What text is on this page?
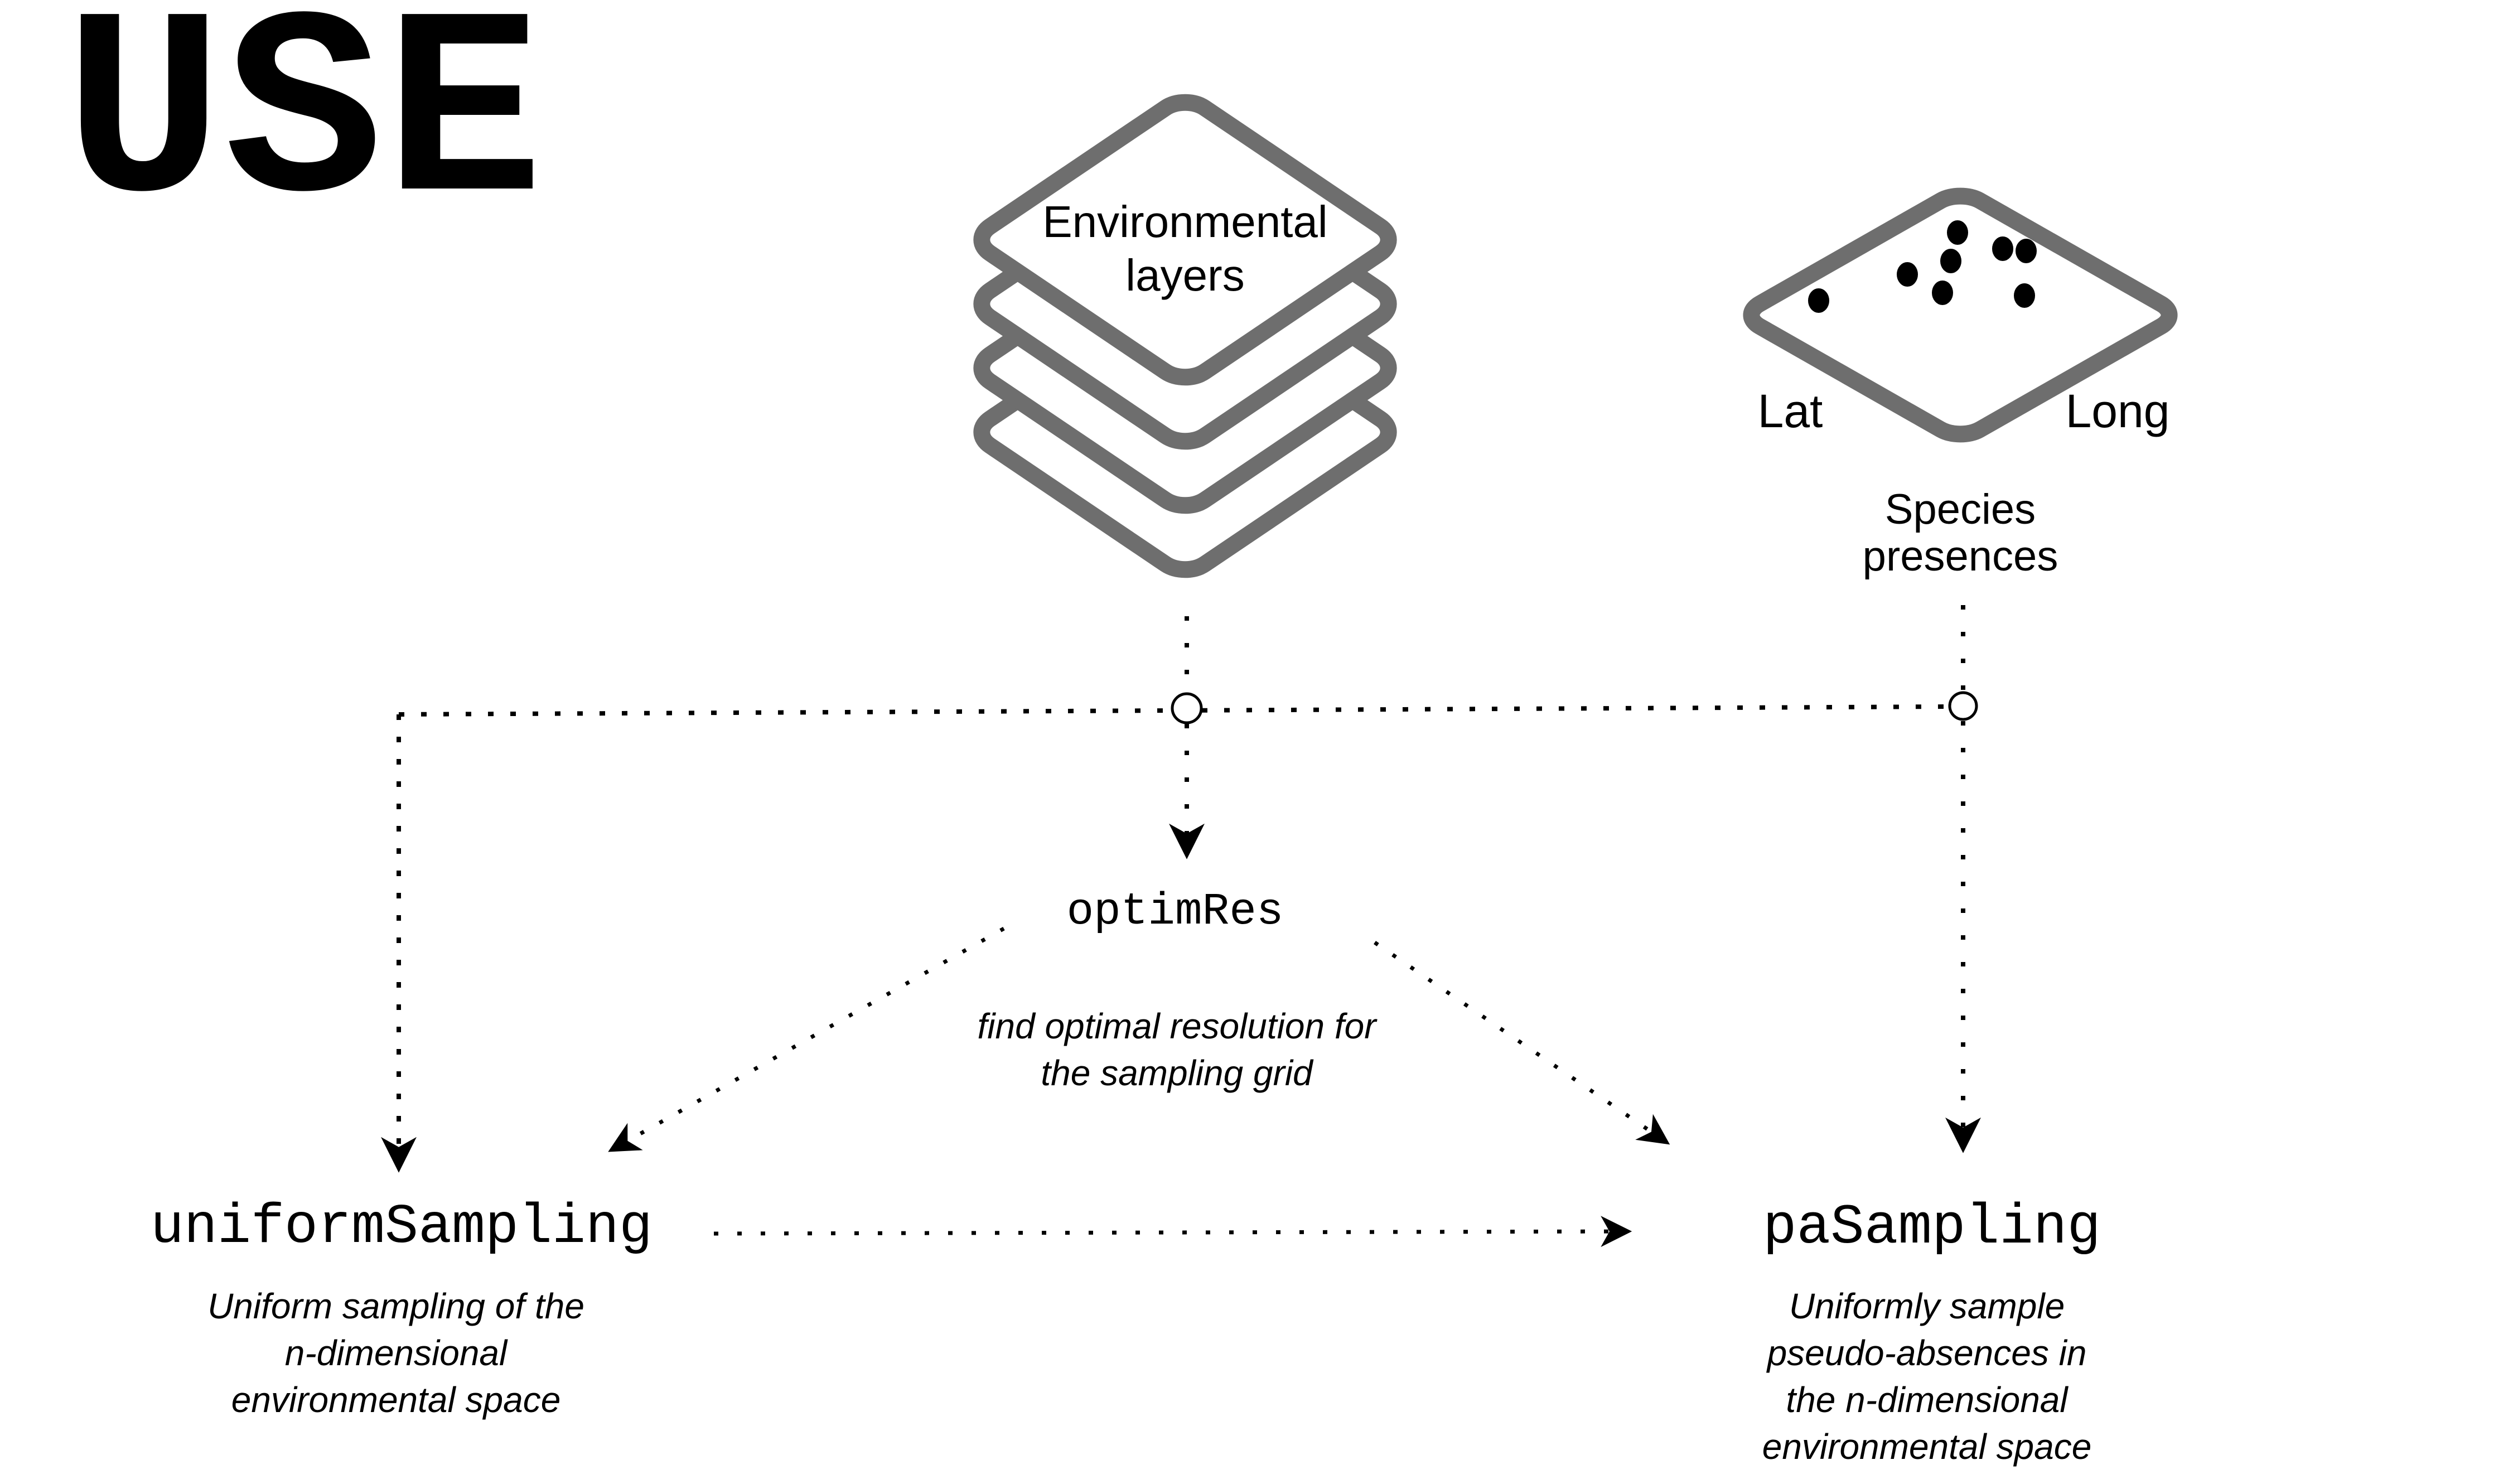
USE	Environmental
layers
Lat	Long
Species
presences
optimRes
find optimal resolution for
the sampling grid
uniformSampling
Uniform sampling of the
n-dimensional
environmental space
paSampling
Uniformly sample
pseudo-absences in
the n-dimensional
environmental space
